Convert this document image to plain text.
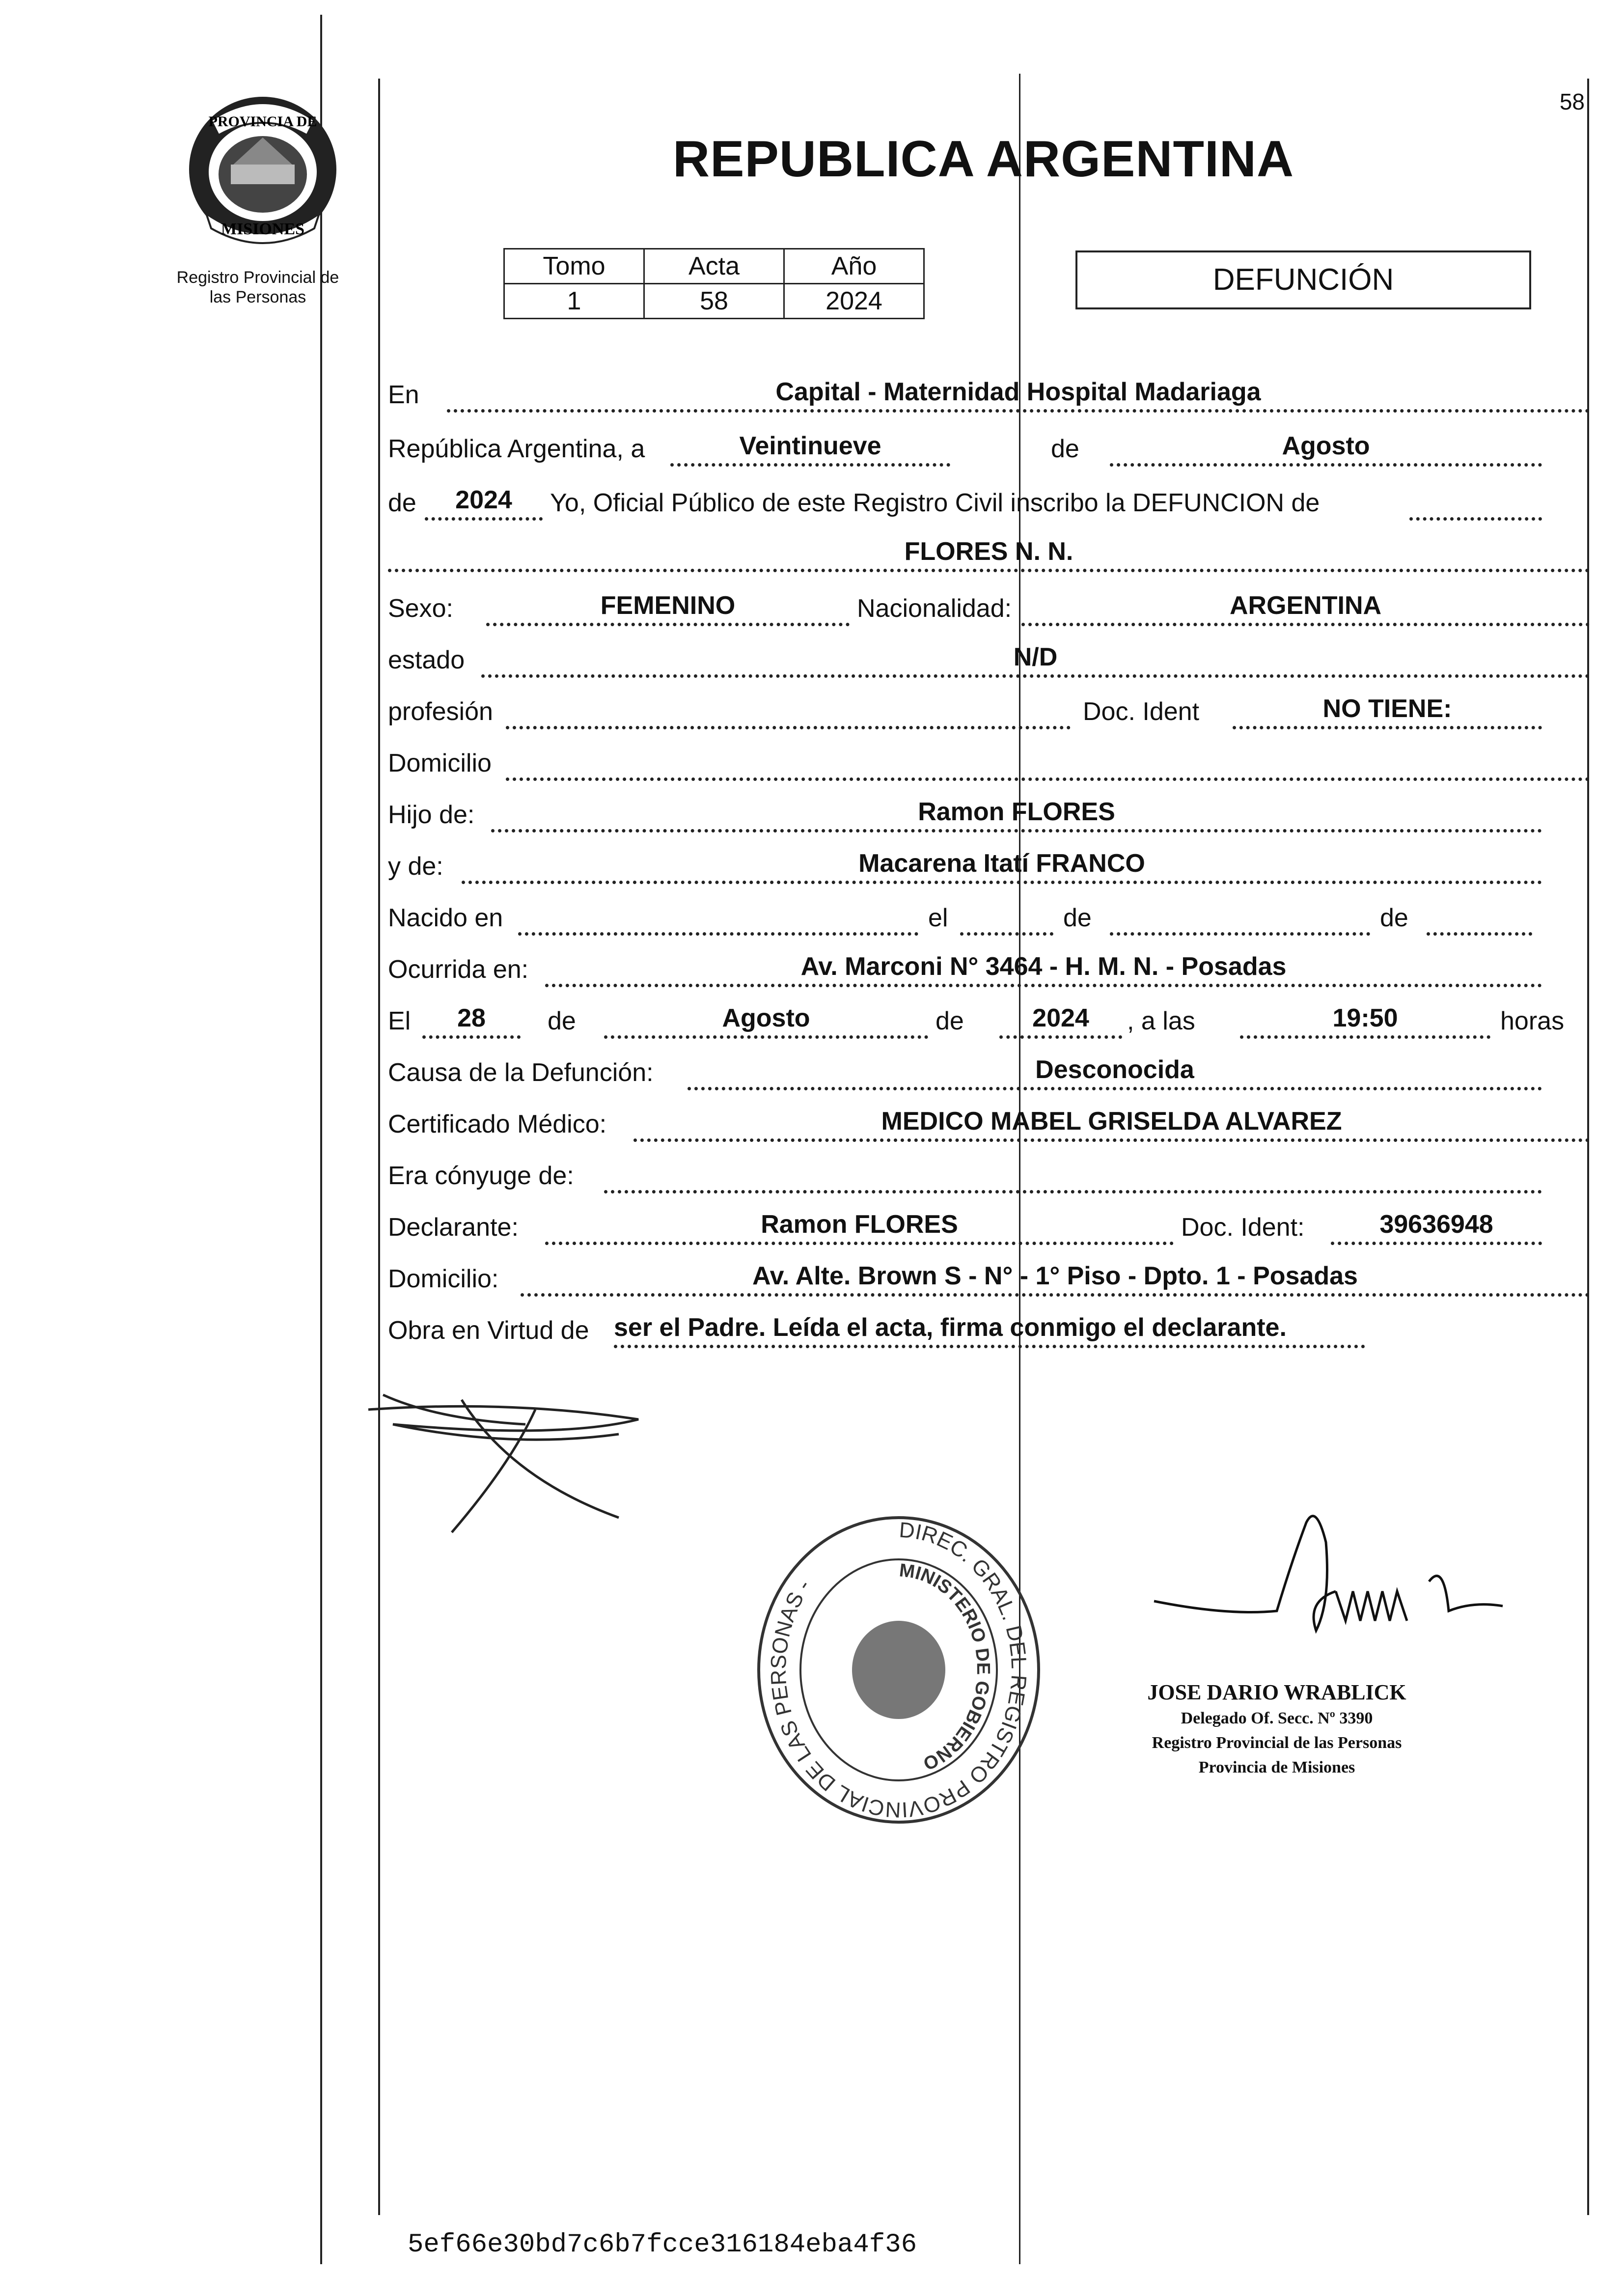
PROVINCIA DE
MISIONES
Registro Provincial de
las Personas
58
REPUBLICA ARGENTINA
Tomo	Acta	Año
1	58	2024
DEFUNCIÓN
En	Capital - Maternidad Hospital Madariaga
República Argentina, a	Veintinueve	de	Agosto
de	2024	Yo, Oficial Público de este Registro Civil inscribo la DEFUNCION de
FLORES N. N.
Sexo:	FEMENINO	Nacionalidad:	ARGENTINA
estado	N/D
profesión	Doc. Ident	NO TIENE:
Domicilio
Hijo de:	Ramon FLORES
y de:	Macarena Itatí FRANCO
Nacido en	el	de	de
Ocurrida en:	Av. Marconi N° 3464 - H. M. N. - Posadas
El	28	de	Agosto	de	2024	, a las	19:50	horas
Causa de la Defunción:	Desconocida
Certificado Médico:	MEDICO MABEL GRISELDA ALVAREZ
Era cónyuge de:
Declarante:	Ramon FLORES	Doc. Ident:	39636948
Domicilio:	Av. Alte. Brown S - N° - 1° Piso - Dpto. 1 - Posadas
Obra en Virtud de ser el Padre. Leída el acta, firma conmigo el declarante.
DIREC. GRAL. DEL REGISTRO PROVINCIAL DE LAS PERSONAS -
MINISTERIO DE GOBIERNO
JOSE DARIO WRABLICK
Delegado Of. Secc. Nº 3390
Registro Provincial de las Personas
Provincia de Misiones
5ef66e30bd7c6b7fcce316184eba4f36
